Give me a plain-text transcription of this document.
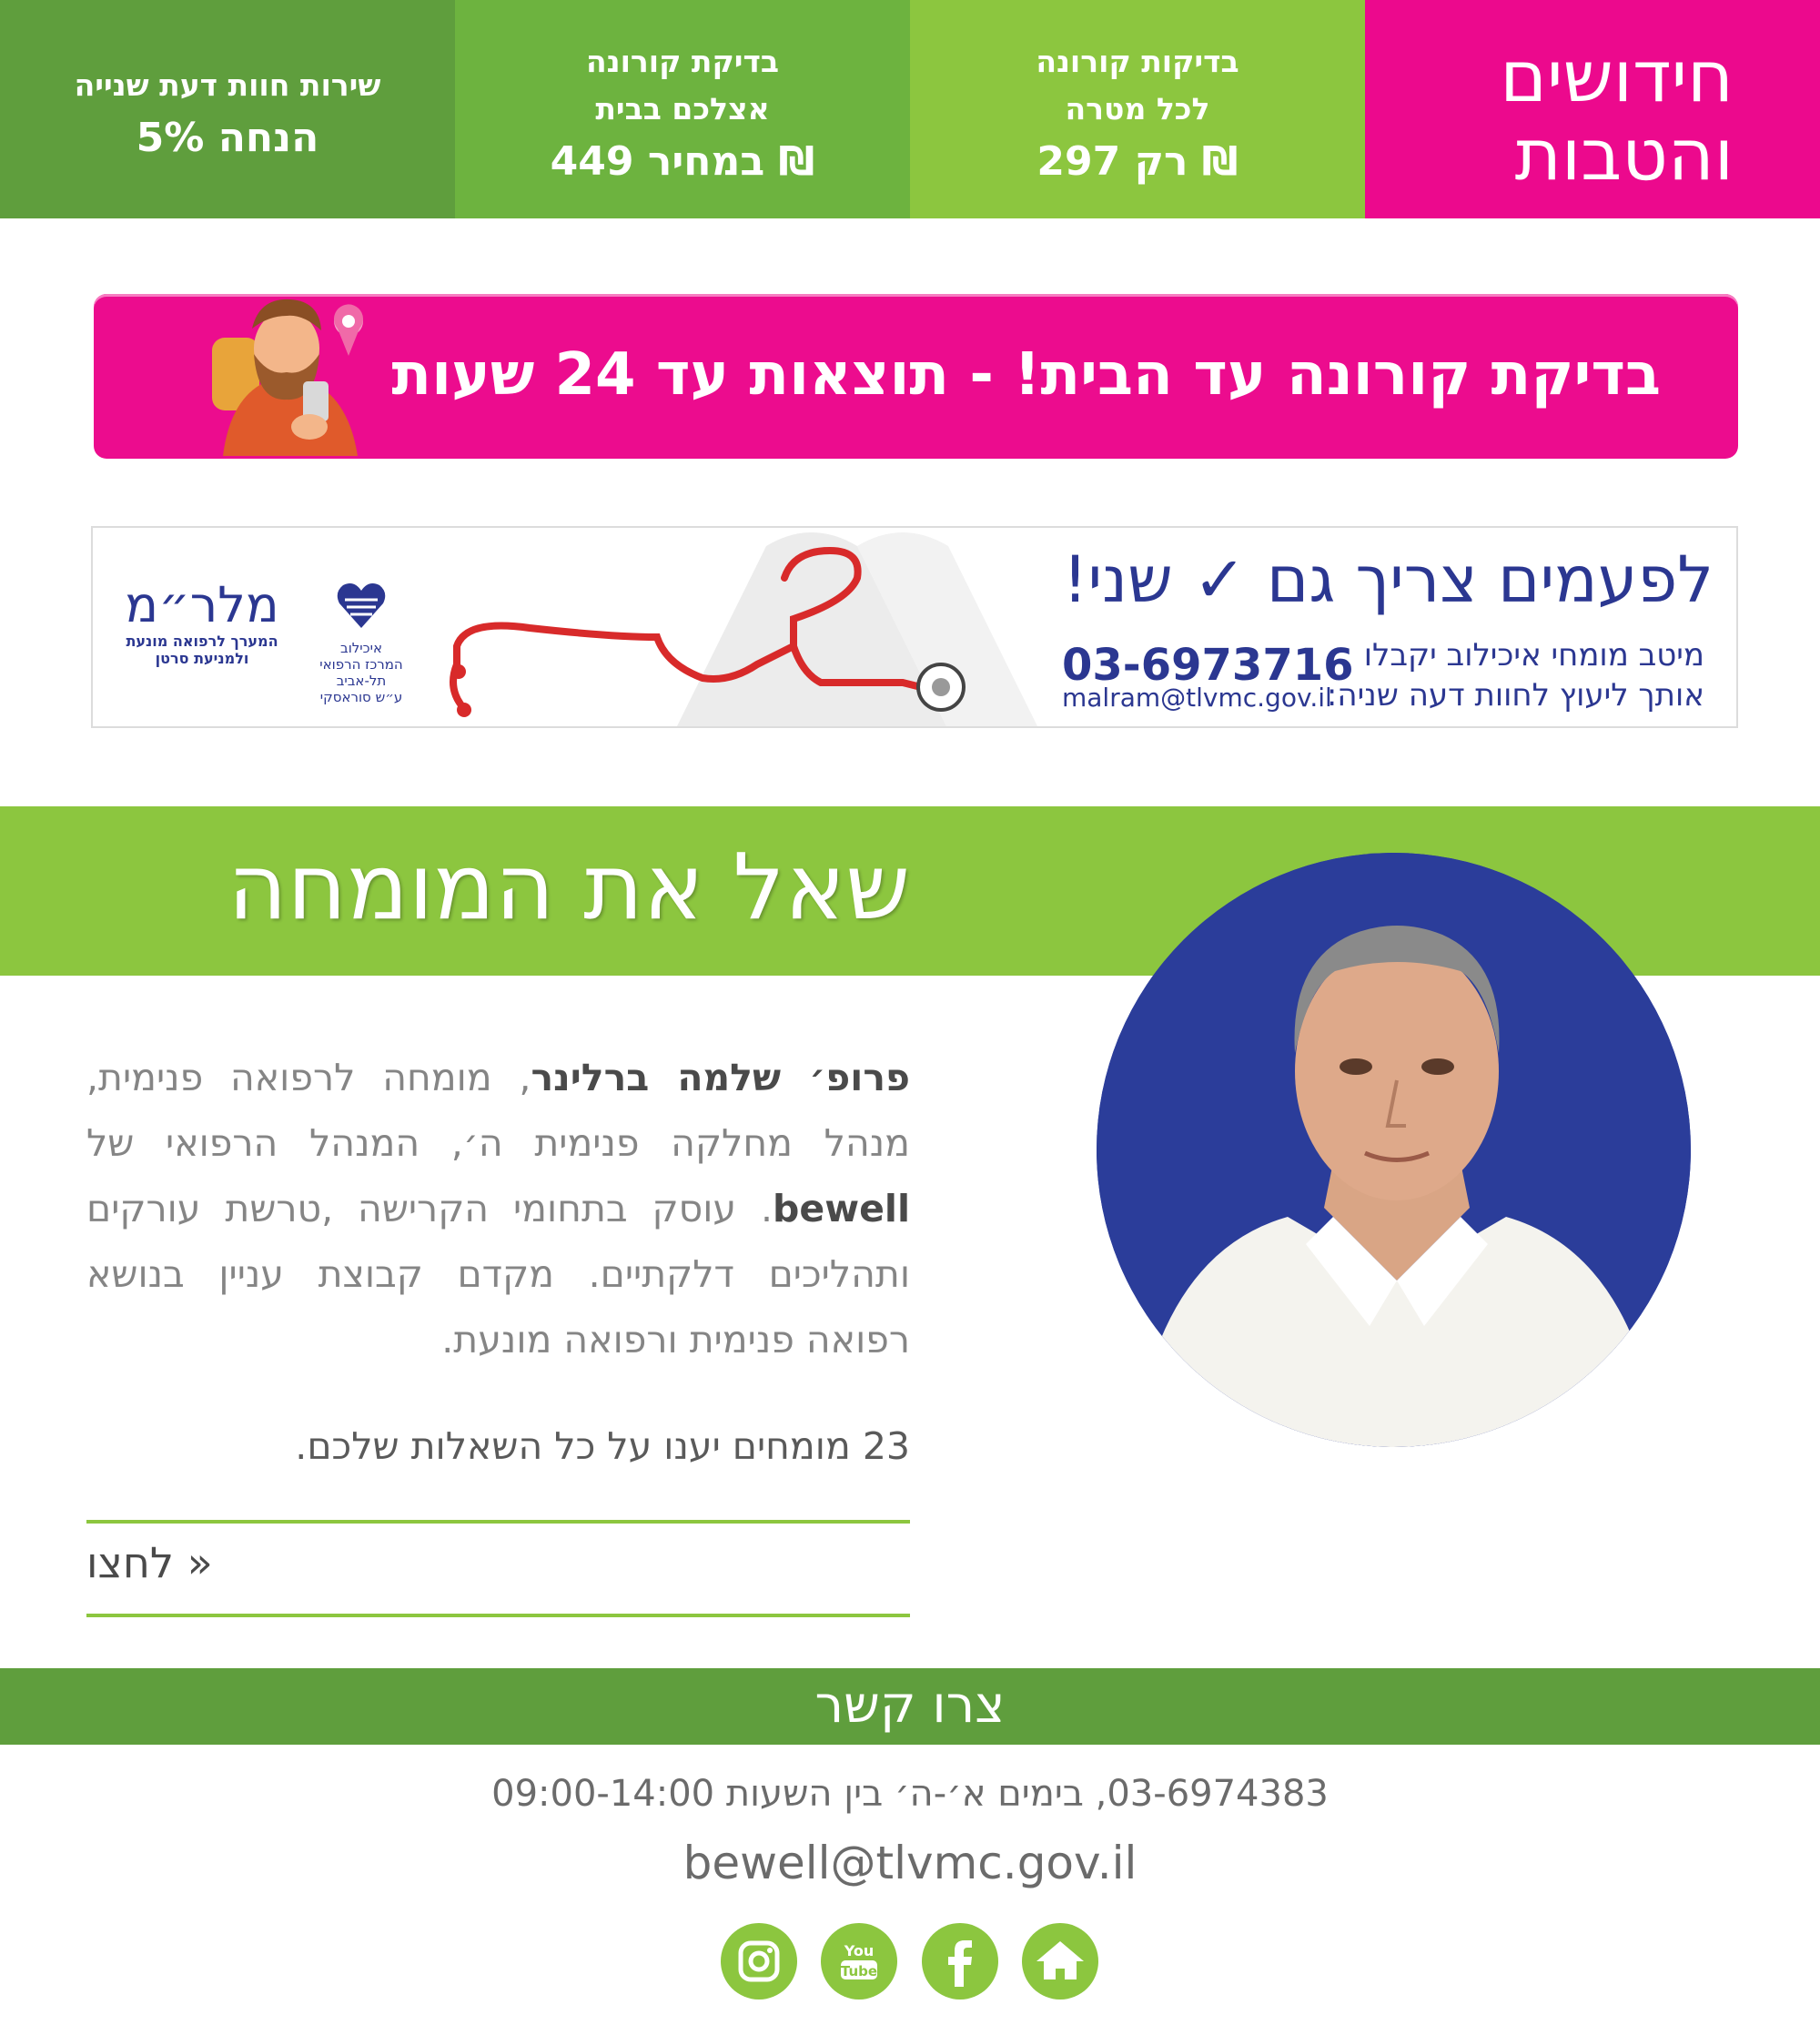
שירות חוות דעת שנייה
5% הנחה
בדיקת קורונה
אצלכם בבית
במחיר 449 ₪
בדיקות קורונה
לכל מטרה
רק 297 ₪
חידושים
והטבות
בדיקת קורונה עד הבית! - תוצאות עד 24 שעות
לפעמים צריך גם ✓ שני!
מיטב מומחי איכילוב יקבלו
אותך ליעוץ לחוות דעה שניה:
03-6973716
malram@tlvmc.gov.il
איכילוב
המרכז הרפואי תל-אביב
ע״ש סוראסקי
מלר״מ
המערך לרפואה מונעת
ולמניעת סרטן
שאל את המומחה
פרופ׳ שלמה ברלינר, מומחה לרפואה פנימית, מנהל מחלקה פנימית ה׳, המנהל הרפואי של bewell. עוסק בתחומי הקרישה ,טרשת עורקים ותהליכים דלקתיים. מקדם קבוצת עניין בנושא רפואה פנימית ורפואה מונעת.
23 מומחים יענו על כל השאלות שלכם.
לחצו »
צרו קשר
03-6974383, בימים א׳-ה׳ בין השעות 09:00-14:00
bewell@tlvmc.gov.il
You
Tube
